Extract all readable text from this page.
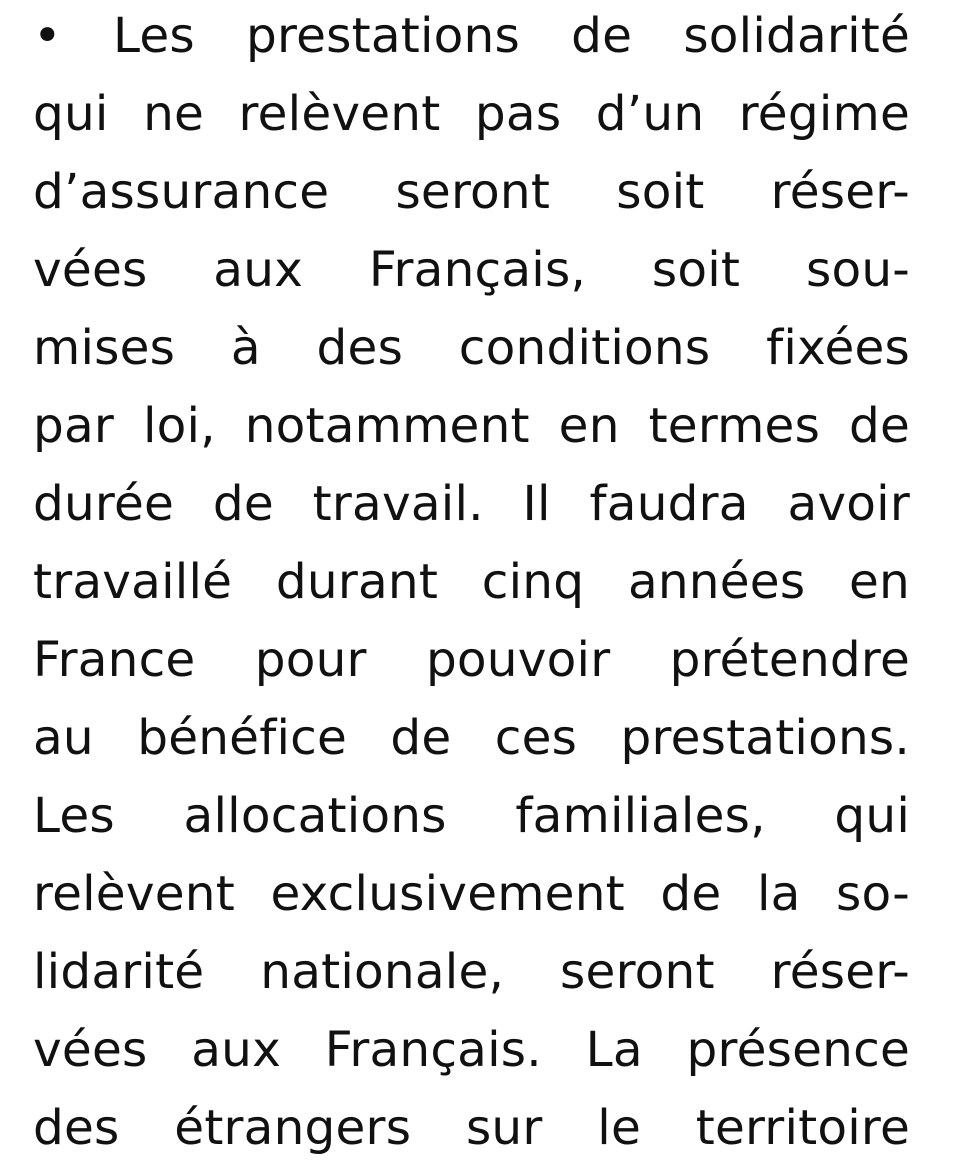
• Les prestations de solidarité
qui ne relèvent pas d’un régime
d’assurance seront soit réser-
vées aux Français, soit sou-
mises à des conditions fixées
par loi, notamment en termes de
durée de travail. Il faudra avoir
travaillé durant cinq années en
France pour pouvoir prétendre
au bénéfice de ces prestations.
Les allocations familiales, qui
relèvent exclusivement de la so-
lidarité nationale, seront réser-
vées aux Français. La présence
des étrangers sur le territoire
